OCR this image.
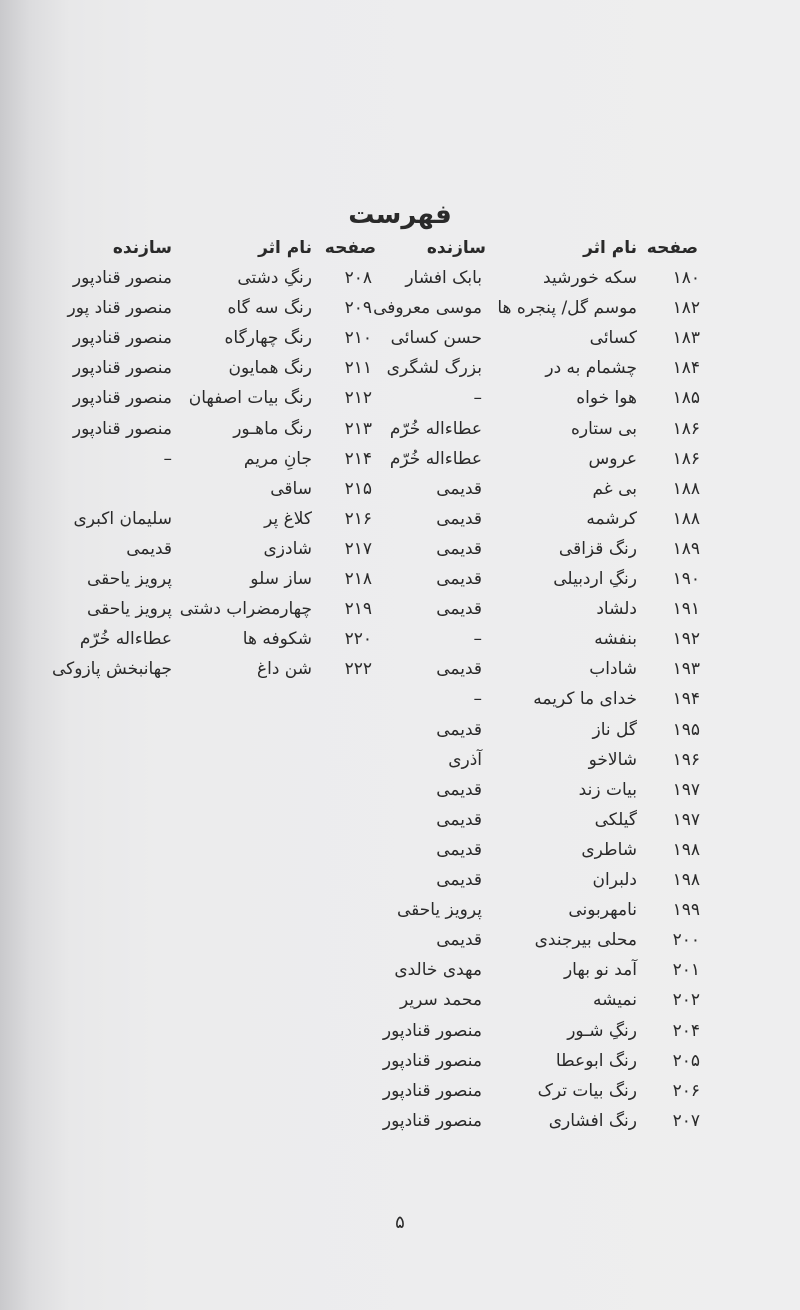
فهرست
صفحه
نام اثر
سازنده
صفحه
نام اثر
سازنده
۱۸۰
سکه خورشید
بابک افشار
۱۸۲
موسم گل/ پنجره ها
موسی معروفی
۱۸۳
کسائی
حسن کسائی
۱۸۴
چشمام به در
بزرگ لشگری
۱۸۵
هوا خواه
–
۱۸۶
بی ستاره
عطاءاله خُرّم
۱۸۶
عروس
عطاءاله خُرّم
۱۸۸
بی غم
قدیمی
۱۸۸
کرشمه
قدیمی
۱۸۹
رنگ قزاقی
قدیمی
۱۹۰
رنگِ اردبیلی
قدیمی
۱۹۱
دلشاد
قدیمی
۱۹۲
بنفشه
–
۱۹۳
شاداب
قدیمی
۱۹۴
خدای ما کریمه
–
۱۹۵
گل ناز
قدیمی
۱۹۶
شالاخو
آذری
۱۹۷
بیات زند
قدیمی
۱۹۷
گیلکی
قدیمی
۱۹۸
شاطری
قدیمی
۱۹۸
دلبران
قدیمی
۱۹۹
نامهربونی
پرویز یاحقی
۲۰۰
محلی بیرجندی
قدیمی
۲۰۱
آمد نو بهار
مهدی خالدی
۲۰۲
نمیشه
محمد سریر
۲۰۴
رنگِ شـور
منصور قنادپور
۲۰۵
رنگ ابوعطا
منصور قنادپور
۲۰۶
رنگ بیات ترک
منصور قنادپور
۲۰۷
رنگ افشاری
منصور قنادپور
۲۰۸
رنگِ دشتی
منصور قنادپور
۲۰۹
رنگ سه گاه
منصور قناد پور
۲۱۰
رنگ چهارگاه
منصور قنادپور
۲۱۱
رنگ همایون
منصور قنادپور
۲۱۲
رنگ بیات اصفهان
منصور قنادپور
۲۱۳
رنگ ماهـور
منصور قنادپور
۲۱۴
جانِ مریم
–
۲۱۵
ساقی
۲۱۶
کلاغ پر
سلیمان اکبری
۲۱۷
شادزی
قدیمی
۲۱۸
ساز سلو
پرویز یاحقی
۲۱۹
چهارمضراب دشتی
پرویز یاحقی
۲۲۰
شکوفه ها
عطاءاله خُرّم
۲۲۲
شن داغ
جهانبخش پازوکی
۵
